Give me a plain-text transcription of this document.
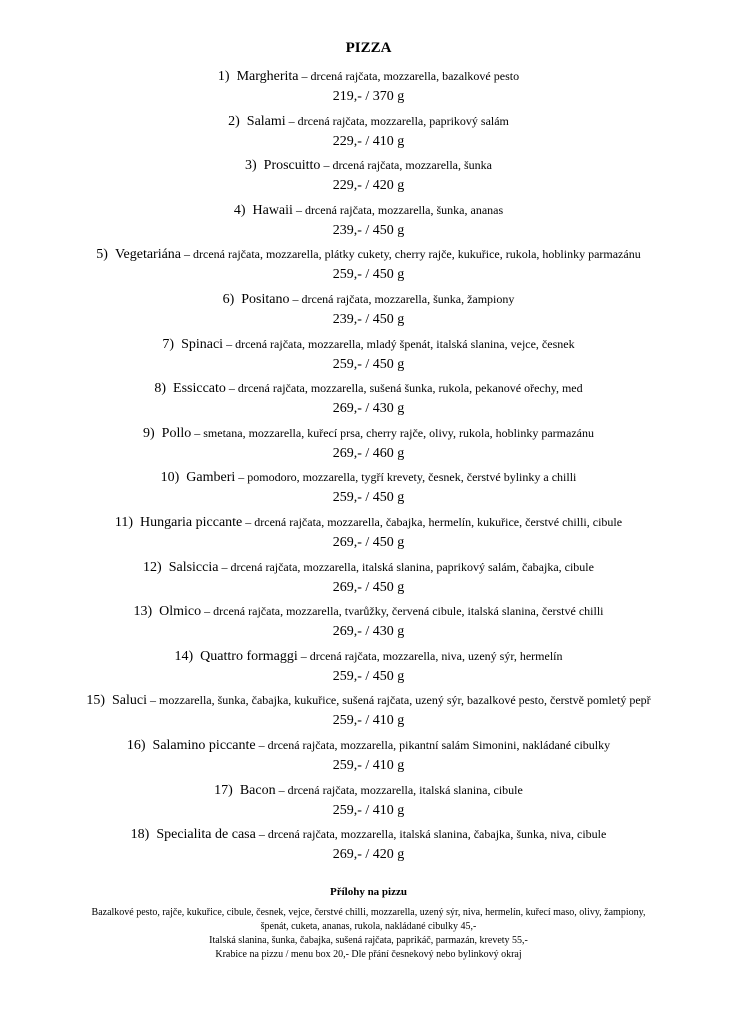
PIZZA
1) Margherita – drcená rajčata, mozzarella, bazalkové pesto
219,- / 370 g
2) Salami – drcená rajčata, mozzarella, paprikový salám
229,- / 410 g
3) Proscuitto – drcená rajčata, mozzarella, šunka
229,- / 420 g
4) Hawaii – drcená rajčata, mozzarella, šunka, ananas
239,- / 450 g
5) Vegetariána – drcená rajčata, mozzarella, plátky cukety, cherry rajče, kukuřice, rukola, hoblinky parmazánu
259,- / 450 g
6) Positano – drcená rajčata, mozzarella, šunka, žampiony
239,- / 450 g
7) Spinaci – drcená rajčata, mozzarella, mladý špenát, italská slanina, vejce, česnek
259,- / 450 g
8) Essiccato – drcená rajčata, mozzarella, sušená šunka, rukola, pekanové ořechy, med
269,- / 430 g
9) Pollo – smetana, mozzarella, kuřecí prsa, cherry rajče, olivy, rukola, hoblinky parmazánu
269,- / 460 g
10) Gamberi – pomodoro, mozzarella, tygří krevety, česnek, čerstvé bylinky a chilli
259,- / 450 g
11) Hungaria piccante – drcená rajčata, mozzarella, čabajka, hermelín, kukuřice, čerstvé chilli, cibule
269,- / 450 g
12) Salsiccia – drcená rajčata, mozzarella, italská slanina, paprikový salám, čabajka, cibule
269,- / 450 g
13) Olmico – drcená rajčata, mozzarella, tvarůžky, červená cibule, italská slanina, čerstvé chilli
269,- / 430 g
14) Quattro formaggi – drcená rajčata, mozzarella, niva, uzený sýr, hermelín
259,- / 450 g
15) Saluci – mozzarella, šunka, čabajka, kukuřice, sušená rajčata, uzený sýr, bazalkové pesto, čerstvě pomletý pepř
259,- / 410 g
16) Salamino piccante – drcená rajčata, mozzarella, pikantní salám Simonini, nakládané cibulky
259,- / 410 g
17) Bacon – drcená rajčata, mozzarella, italská slanina, cibule
259,- / 410 g
18) Specialita de casa – drcená rajčata, mozzarella, italská slanina, čabajka, šunka, niva, cibule
269,- / 420 g
Přílohy na pizzu
Bazalkové pesto, rajče, kukuřice, cibule, česnek, vejce, čerstvé chilli, mozzarella, uzený sýr, niva, hermelín, kuřecí maso, olivy, žampiony,
špenát, cuketa, ananas, rukola, nakládané cibulky 45,-
Italská slanina, šunka, čabajka, sušená rajčata, paprikáč, parmazán, krevety 55,-
Krabice na pizzu / menu box 20,- Dle přání česnekový nebo bylinkový okraj
